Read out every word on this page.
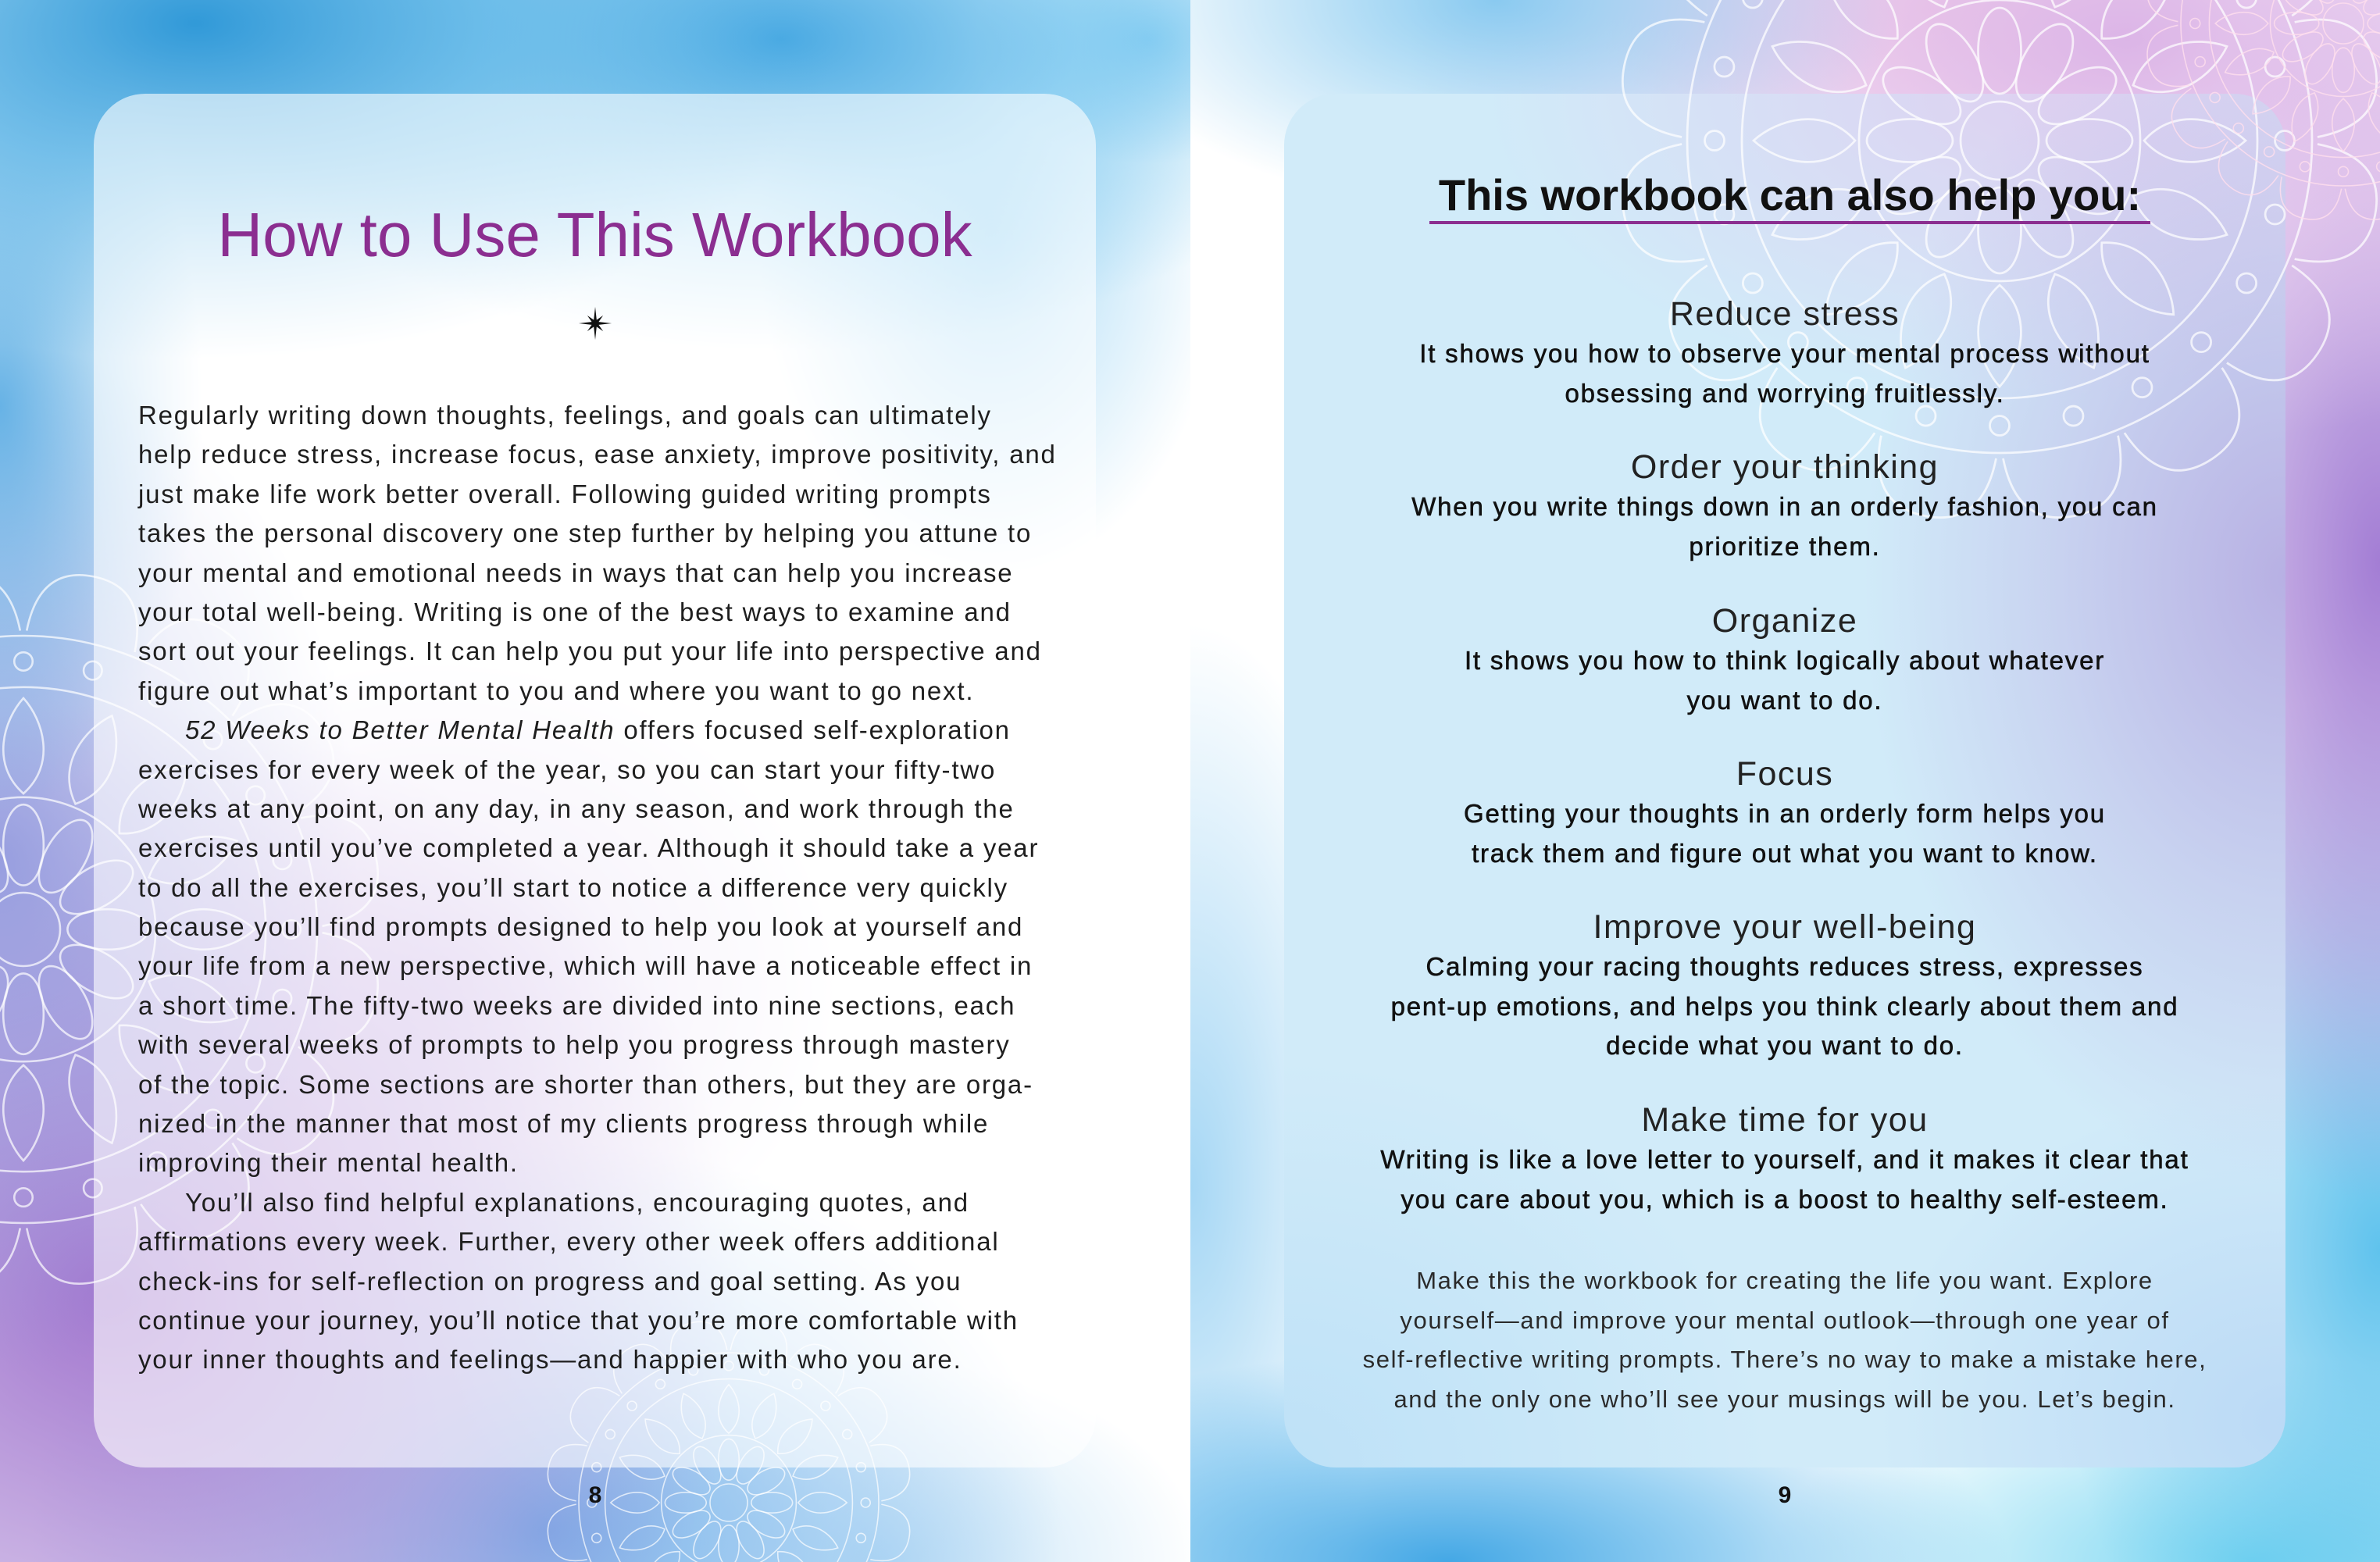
How to Use This Workbook
Regularly writing down thoughts, feelings, and goals can ultimately
help reduce stress, increase focus, ease anxiety, improve positivity, and
just make life work better overall. Following guided writing prompts
takes the personal discovery one step further by helping you attune to
your mental and emotional needs in ways that can help you increase
your total well-being. Writing is one of the best ways to examine and
sort out your feelings. It can help you put your life into perspective and
figure out what’s important to you and where you want to go next.
52 Weeks to Better Mental Health offers focused self-exploration
exercises for every week of the year, so you can start your fifty-two
weeks at any point, on any day, in any season, and work through the
exercises until you’ve completed a year. Although it should take a year
to do all the exercises, you’ll start to notice a difference very quickly
because you’ll find prompts designed to help you look at yourself and
your life from a new perspective, which will have a noticeable effect in
a short time. The fifty-two weeks are divided into nine sections, each
with several weeks of prompts to help you progress through mastery
of the topic. Some sections are shorter than others, but they are orga-
nized in the manner that most of my clients progress through while
improving their mental health.
You’ll also find helpful explanations, encouraging quotes, and
affirmations every week. Further, every other week offers additional
check-ins for self-reflection on progress and goal setting. As you
continue your journey, you’ll notice that you’re more comfortable with
your inner thoughts and feelings—and happier with who you are.
8
This workbook can also help you:
Reduce stress
It shows you how to observe your mental process without
obsessing and worrying fruitlessly.
Order your thinking
When you write things down in an orderly fashion, you can
prioritize them.
Organize
It shows you how to think logically about whatever
you want to do.
Focus
Getting your thoughts in an orderly form helps you
track them and figure out what you want to know.
Improve your well-being
Calming your racing thoughts reduces stress, expresses
pent-up emotions, and helps you think clearly about them and
decide what you want to do.
Make time for you
Writing is like a love letter to yourself, and it makes it clear that
you care about you, which is a boost to healthy self-esteem.
Make this the workbook for creating the life you want. Explore
yourself—and improve your mental outlook—through one year of
self-reflective writing prompts. There’s no way to make a mistake here,
and the only one who’ll see your musings will be you. Let’s begin.
9
